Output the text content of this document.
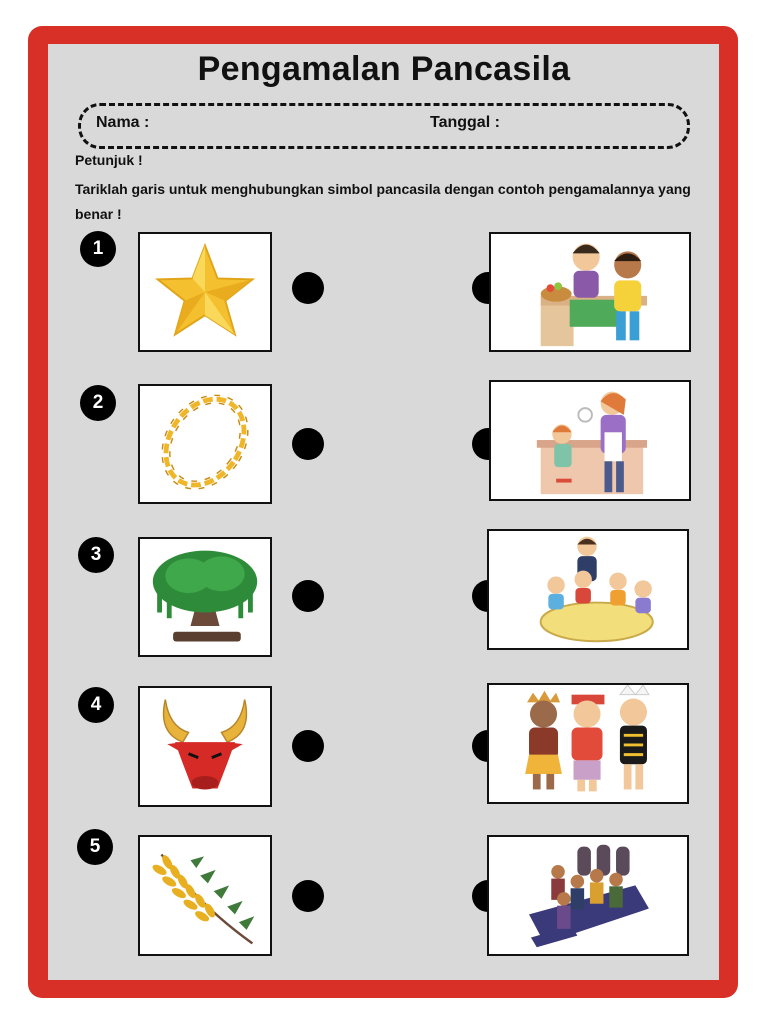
Pengamalan Pancasila
Nama :	Tanggal :
Petunjuk !
Tariklah garis untuk menghubungkan simbol pancasila dengan contoh pengamalannya yang benar !
1
2
3
4
5
